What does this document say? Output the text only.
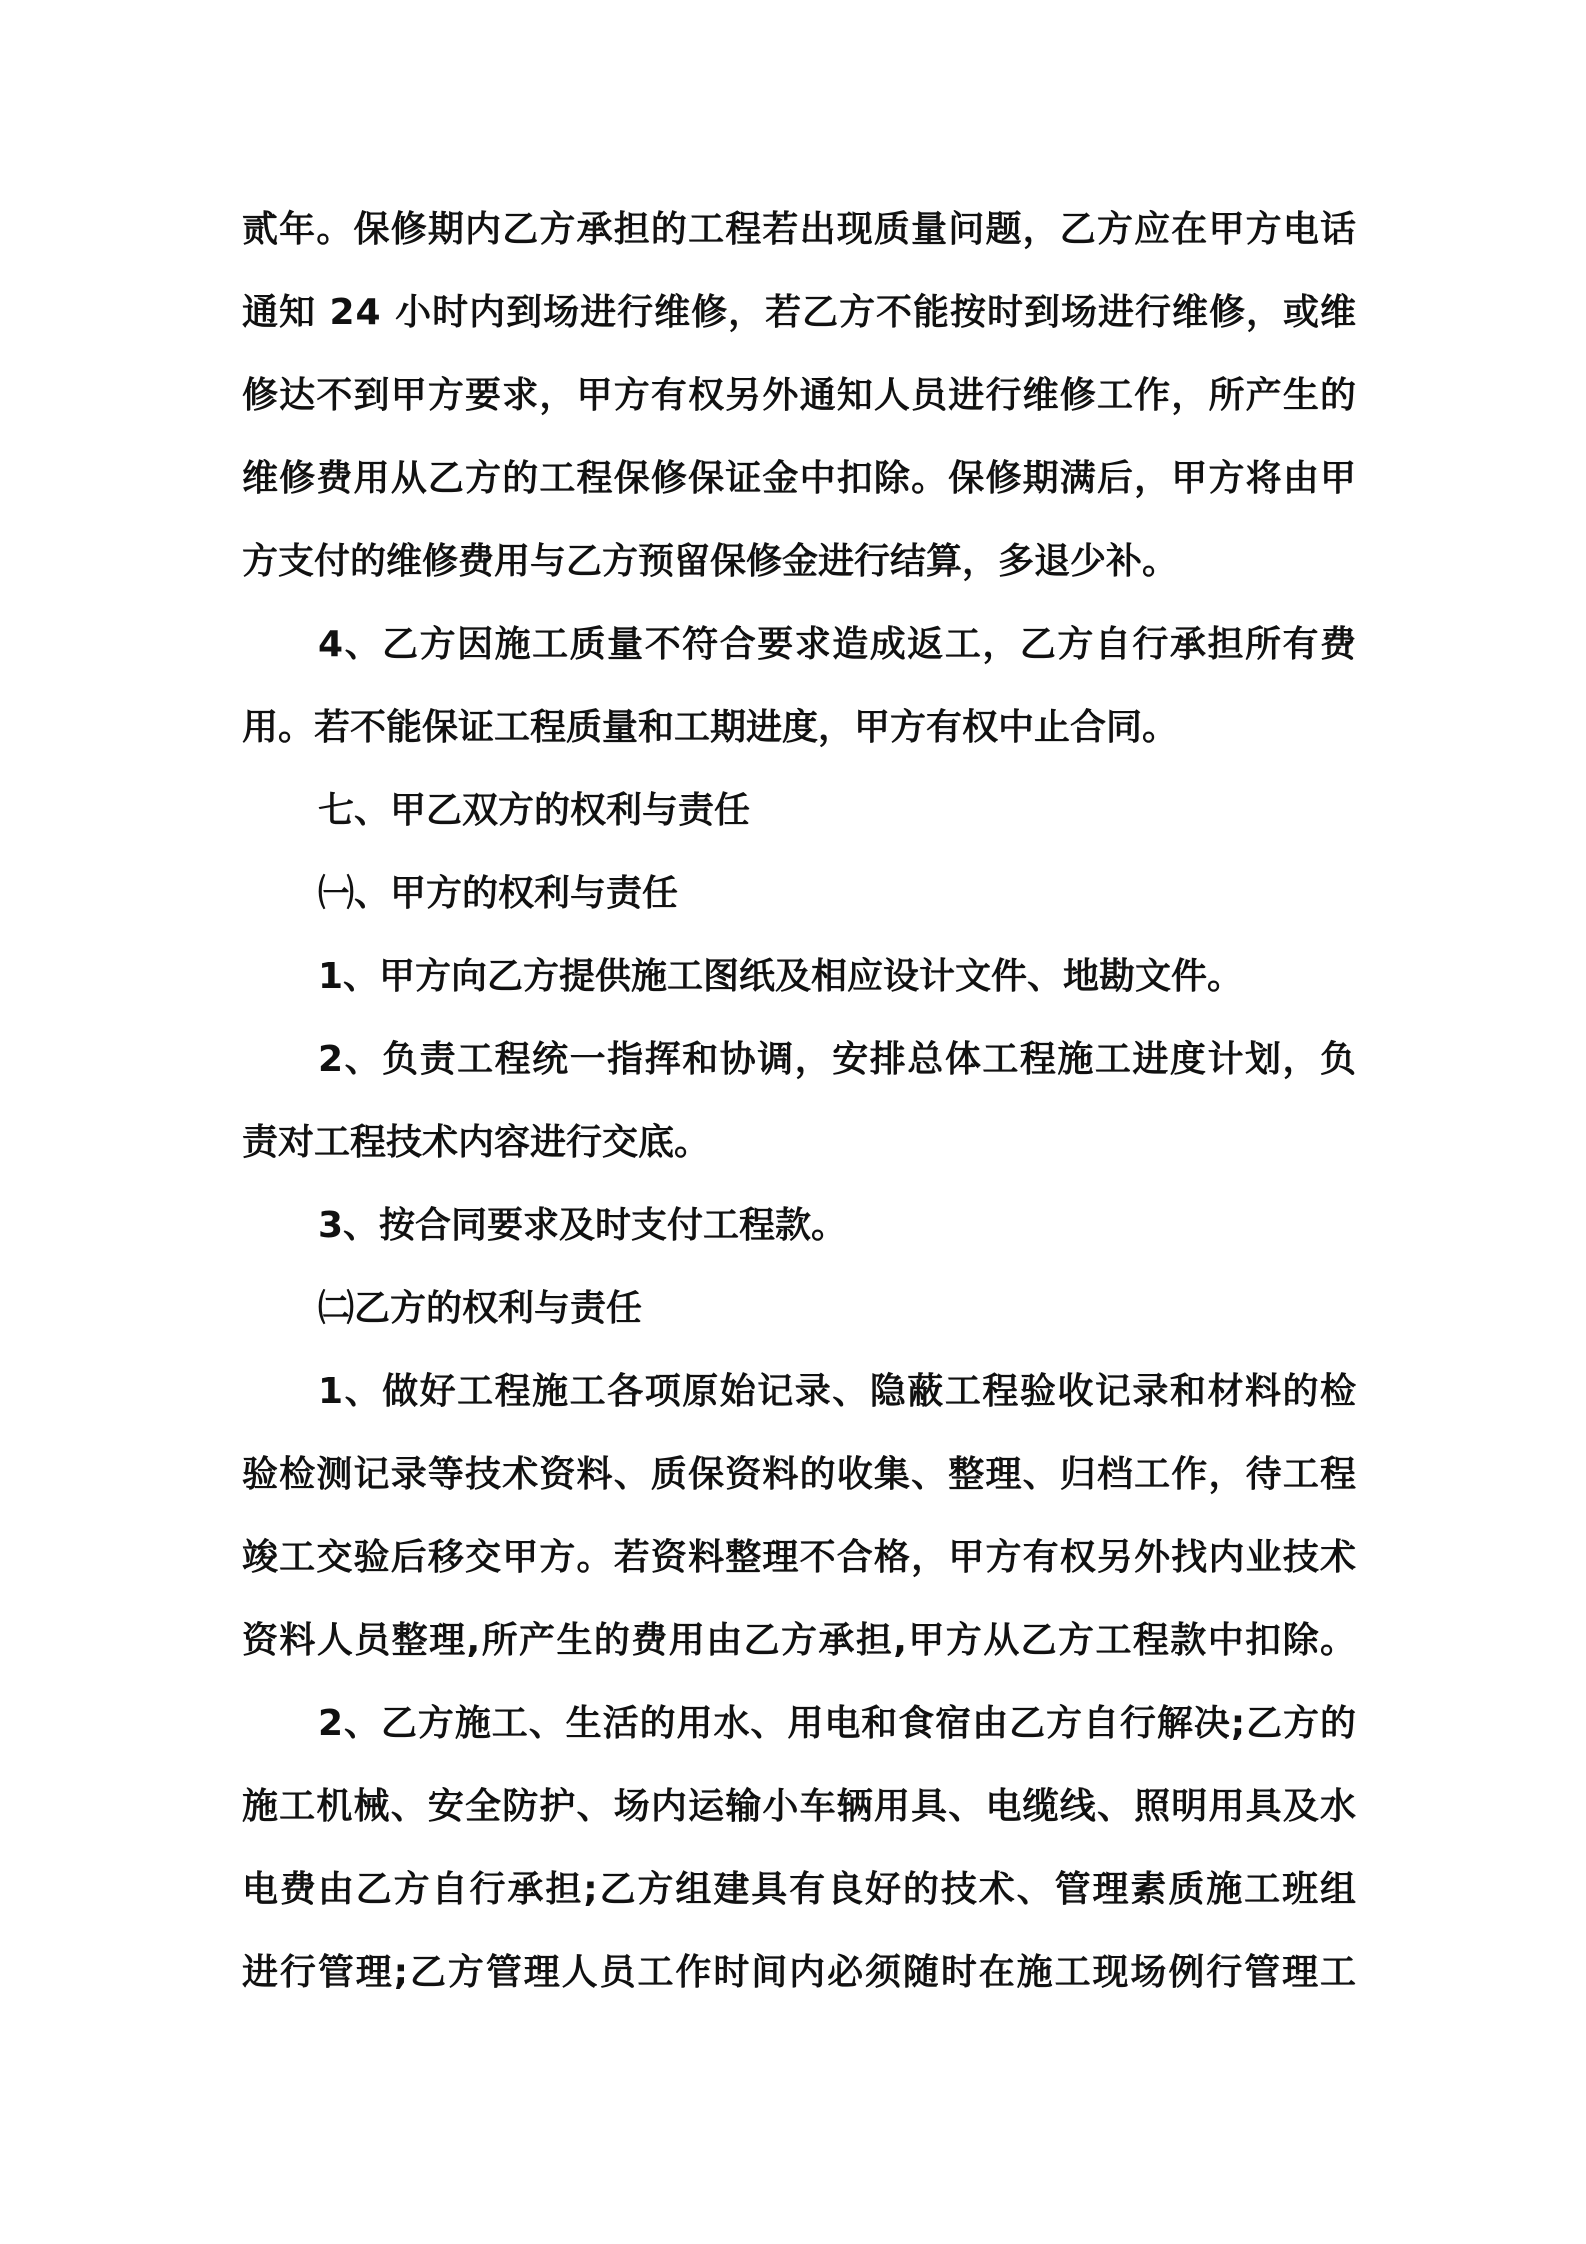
贰年。保修期内乙方承担的工程若出现质量问题，乙方应在甲方电话
通知 24 小时内到场进行维修，若乙方不能按时到场进行维修，或维
修达不到甲方要求，甲方有权另外通知人员进行维修工作，所产生的
维修费用从乙方的工程保修保证金中扣除。保修期满后，甲方将由甲
方支付的维修费用与乙方预留保修金进行结算，多退少补。
4、乙方因施工质量不符合要求造成返工，乙方自行承担所有费
用。若不能保证工程质量和工期进度，甲方有权中止合同。
七、甲乙双方的权利与责任
㈠、甲方的权利与责任
1、甲方向乙方提供施工图纸及相应设计文件、地勘文件。
2、负责工程统一指挥和协调，安排总体工程施工进度计划，负
责对工程技术内容进行交底。
3、按合同要求及时支付工程款。
㈡乙方的权利与责任
1、做好工程施工各项原始记录、隐蔽工程验收记录和材料的检
验检测记录等技术资料、质保资料的收集、整理、归档工作，待工程
竣工交验后移交甲方。若资料整理不合格，甲方有权另外找内业技术
资料人员整理,所产生的费用由乙方承担,甲方从乙方工程款中扣除。
2、乙方施工、生活的用水、用电和食宿由乙方自行解决;乙方的
施工机械、安全防护、场内运输小车辆用具、电缆线、照明用具及水
电费由乙方自行承担;乙方组建具有良好的技术、管理素质施工班组
进行管理;乙方管理人员工作时间内必须随时在施工现场例行管理工
